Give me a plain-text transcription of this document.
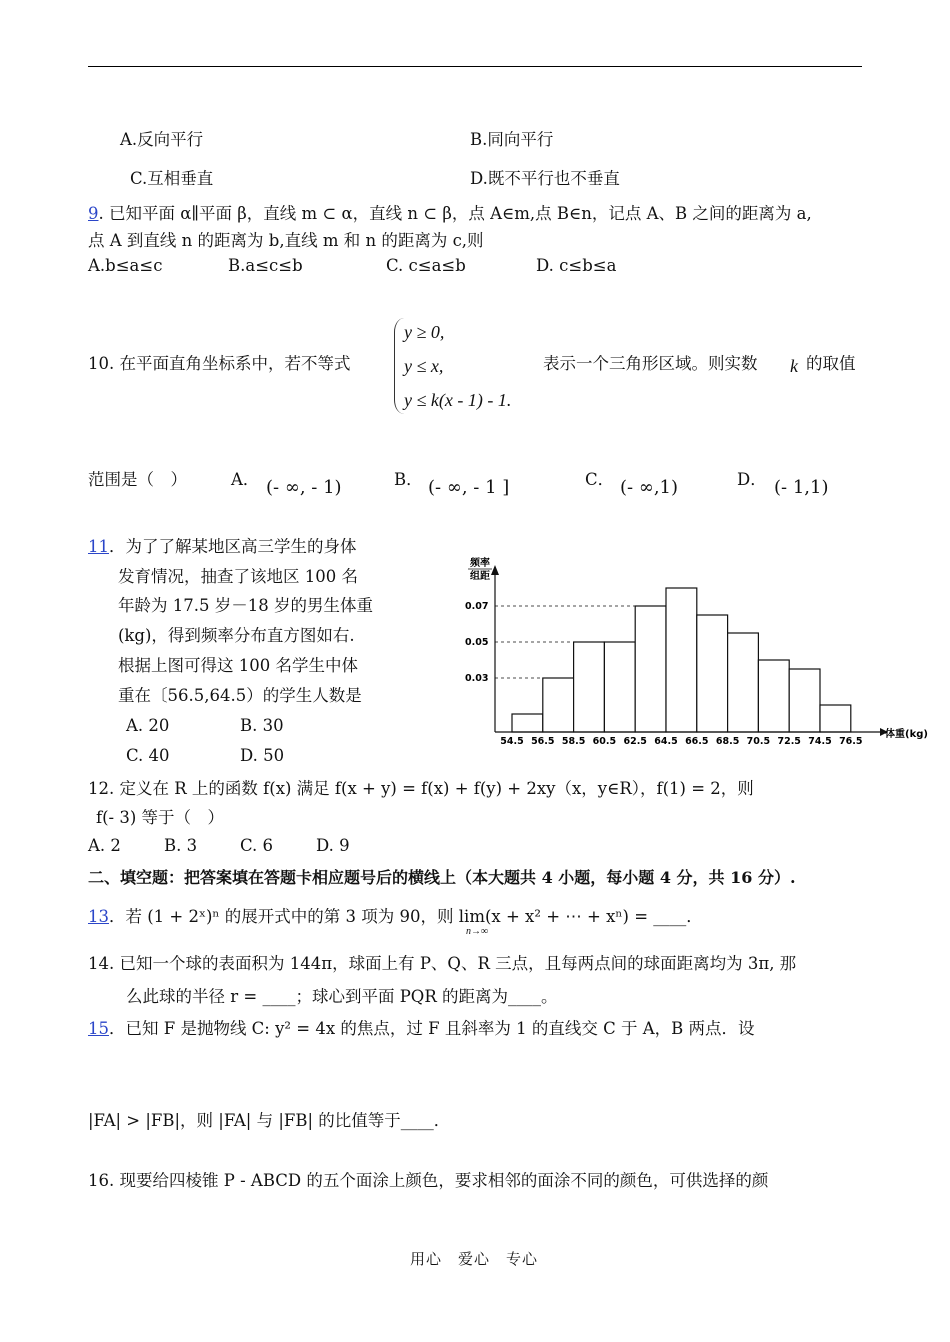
A.反向平行	B.同向平行
C.互相垂直	D.既不平行也不垂直
9. 已知平面 α∥平面 β，直线 m ⊂ α，直线 n ⊂ β，点 A∈m,点 B∈n，记点 A、B 之间的距离为 a,
点 A 到直线 n 的距离为 b,直线 m 和 n 的距离为 c,则
A.b≤a≤c	B.a≤c≤b	C. c≤a≤b	D. c≤b≤a
10. 在平面直角坐标系中，若不等式
y ≥ 0,
y ≤ x,
y ≤ k(x - 1) - 1.
表示一个三角形区域。则实数 k 的取值
范围是（　）	A． (- ∞, - 1)	B． (- ∞, - 1 ]	C． (- ∞,1)	D． (- 1,1)
11．为了了解某地区高三学生的身体
发育情况，抽查了该地区 100 名
年龄为 17.5 岁－18 岁的男生体重
(kg)，得到频率分布直方图如右.
根据上图可得这 100 名学生中体
重在〔56.5,64.5）的学生人数是
A. 20	B. 30
C. 40	D. 50
0.03
0.05
0.07
频率
组距
体重(kg)
54.5 56.5 58.5 60.5 62.5 64.5 66.5 68.5 70.5 72.5 74.5 76.5
12. 定义在 R 上的函数 f(x) 满足 f(x + y) = f(x) + f(y) + 2xy（x，y∈R），f(1) = 2，则
f(- 3) 等于（　）
A. 2	B. 3	C. 6	D. 9
二、填空题：把答案填在答题卡相应题号后的横线上（本大题共 4 小题，每小题 4 分，共 16 分）.
13．若 (1 + 2ˣ)ⁿ 的展开式中的第 3 项为 90，则 lim(x + x² + ⋯ + xⁿ) = ____．
n→∞
14. 已知一个球的表面积为 144π，球面上有 P、Q、R 三点，且每两点间的球面距离均为 3π, 那
么此球的半径 r = ____；球心到平面 PQR 的距离为____。
15．已知 F 是抛物线 C: y² = 4x 的焦点，过 F 且斜率为 1 的直线交 C 于 A，B 两点．设
|FA| > |FB|，则 |FA| 与 |FB| 的比值等于____．
16. 现要给四棱锥 P - ABCD 的五个面涂上颜色，要求相邻的面涂不同的颜色，可供选择的颜
用心　爱心　专心
